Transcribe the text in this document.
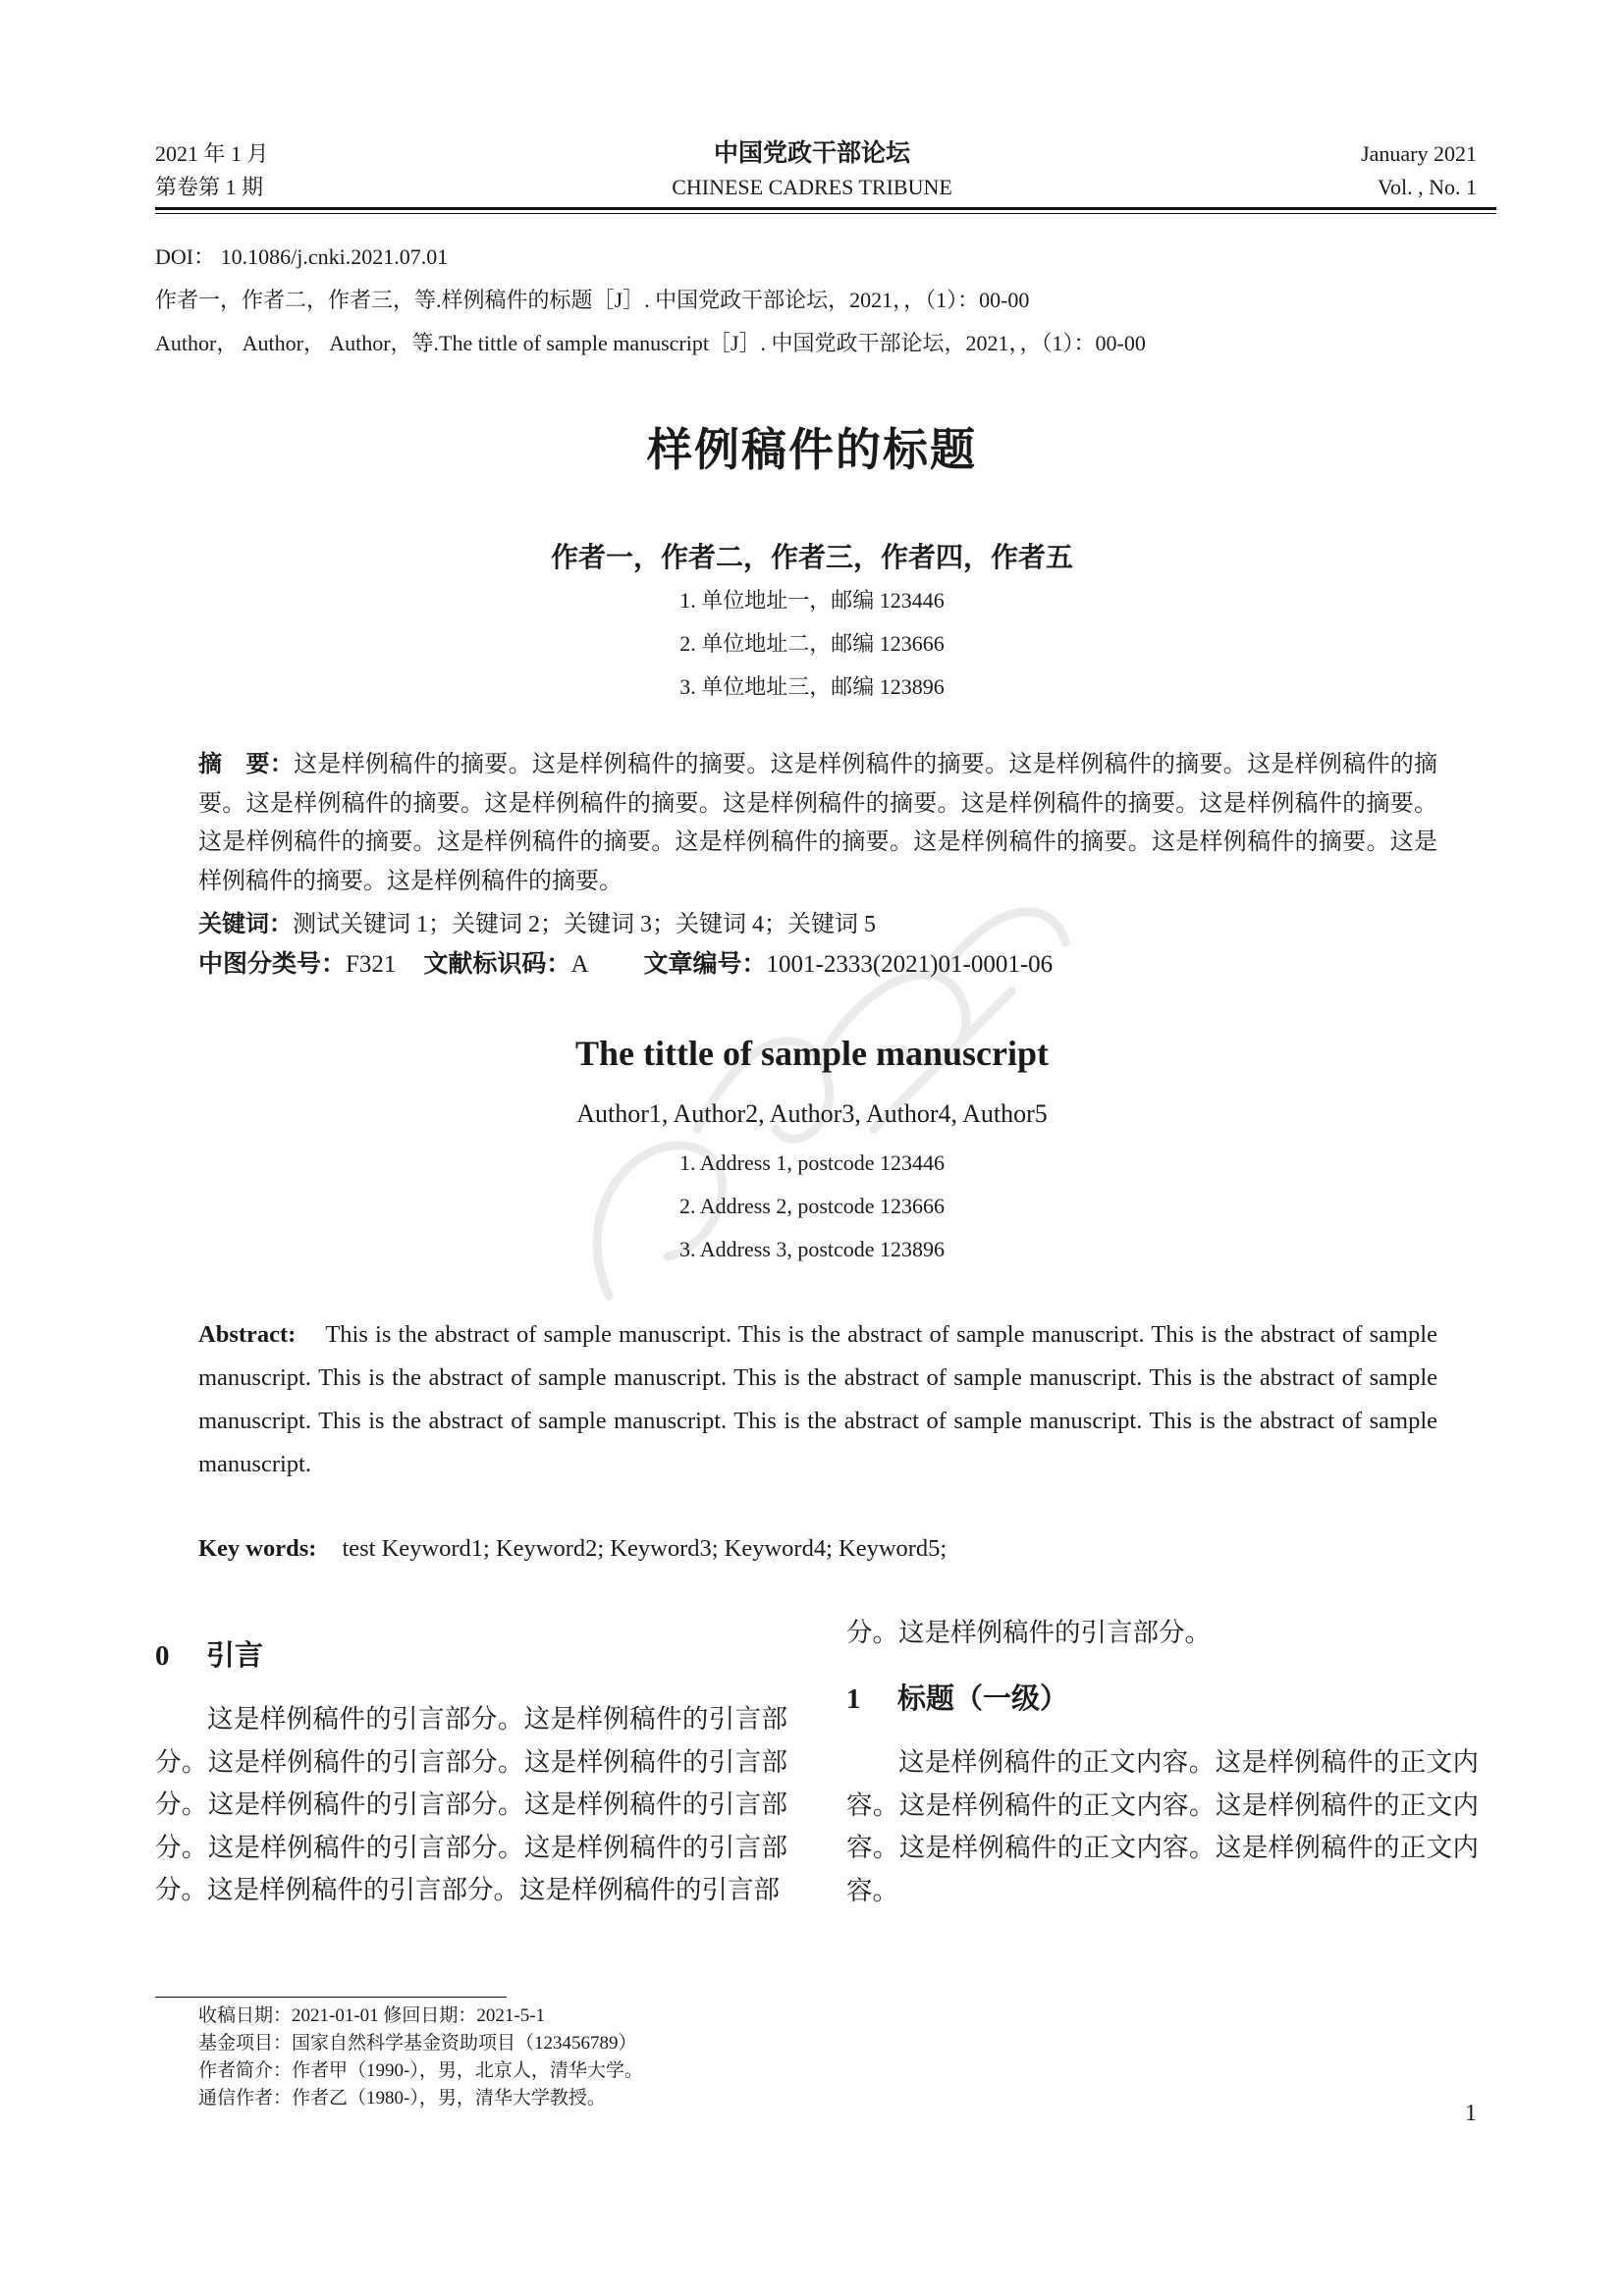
2021 年 1 月
第卷第 1 期
中国党政干部论坛
CHINESE CADRES TRIBUNE
January 2021
Vol. , No. 1
DOI： 10.1086/j.cnki.2021.07.01
作者一，作者二，作者三，等.样例稿件的标题［J］. 中国党政干部论坛，2021，，（1）：00-00
Author， Author， Author，等.The tittle of sample manuscript［J］. 中国党政干部论坛，2021，，（1）：00-00
样例稿件的标题
作者一，作者二，作者三，作者四，作者五
1. 单位地址一，邮编 123446
2. 单位地址二，邮编 123666
3. 单位地址三，邮编 123896
摘　要：这是样例稿件的摘要。这是样例稿件的摘要。这是样例稿件的摘要。这是样例稿件的摘要。这是样例稿件的摘要。这是样例稿件的摘要。这是样例稿件的摘要。这是样例稿件的摘要。这是样例稿件的摘要。这是样例稿件的摘要。这是样例稿件的摘要。这是样例稿件的摘要。这是样例稿件的摘要。这是样例稿件的摘要。这是样例稿件的摘要。这是样例稿件的摘要。这是样例稿件的摘要。
关键词：测试关键词 1；关键词 2；关键词 3；关键词 4；关键词 5
中图分类号：F321 文献标识码：A 文章编号：1001-2333(2021)01-0001-06
The tittle of sample manuscript
Author1, Author2, Author3, Author4, Author5
1. Address 1, postcode 123446
2. Address 2, postcode 123666
3. Address 3, postcode 123896
Abstract: This is the abstract of sample manuscript. This is the abstract of sample manuscript. This is the abstract of sample manuscript. This is the abstract of sample manuscript. This is the abstract of sample manuscript. This is the abstract of sample manuscript. This is the abstract of sample manuscript. This is the abstract of sample manuscript. This is the abstract of sample manuscript.
Key words: test Keyword1; Keyword2; Keyword3; Keyword4; Keyword5;
0 引言
这是样例稿件的引言部分。这是样例稿件的引言部分。这是样例稿件的引言部分。这是样例稿件的引言部分。这是样例稿件的引言部分。这是样例稿件的引言部分。这是样例稿件的引言部分。这是样例稿件的引言部分。这是样例稿件的引言部分。这是样例稿件的引言部
分。这是样例稿件的引言部分。
1 标题（一级）
这是样例稿件的正文内容。这是样例稿件的正文内容。这是样例稿件的正文内容。这是样例稿件的正文内容。这是样例稿件的正文内容。这是样例稿件的正文内容。
收稿日期：2021-01-01 修回日期：2021-5-1
基金项目：国家自然科学基金资助项目（123456789）
作者简介：作者甲（1990-），男，北京人，清华大学。
通信作者：作者乙（1980-），男，清华大学教授。
1
